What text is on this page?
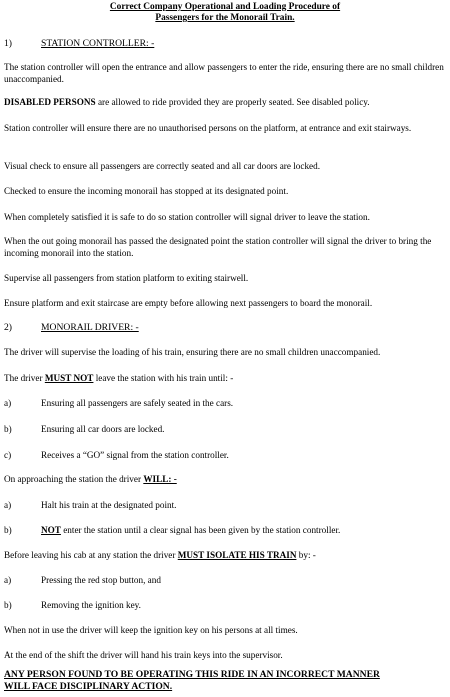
Correct Company Operational and Loading Procedure of
Passengers for the Monorail Train.
1)	STATION CONTROLLER: -
The station controller will open the entrance and allow passengers to enter the ride, ensuring there are no small children unaccompanied.
DISABLED PERSONS are allowed to ride provided they are properly seated. See disabled policy.
Station controller will ensure there are no unauthorised persons on the platform, at entrance and exit stairways.
Visual check to ensure all passengers are correctly seated and all car doors are locked.
Checked to ensure the incoming monorail has stopped at its designated point.
When completely satisfied it is safe to do so station controller will signal driver to leave the station.
When the out going monorail has passed the designated point the station controller will signal the driver to bring the incoming monorail into the station.
Supervise all passengers from station platform to exiting stairwell.
Ensure platform and exit staircase are empty before allowing next passengers to board the monorail.
2)	MONORAIL DRIVER: -
The driver will supervise the loading of his train, ensuring there are no small children unaccompanied.
The driver MUST NOT leave the station with his train until: -
a)	Ensuring all passengers are safely seated in the cars.
b)	Ensuring all car doors are locked.
c)	Receives a “GO” signal from the station controller.
On approaching the station the driver WILL: -
a)	Halt his train at the designated point.
b)	NOT enter the station until a clear signal has been given by the station controller.
Before leaving his cab at any station the driver MUST ISOLATE HIS TRAIN by: -
a)	Pressing the red stop button, and
b)	Removing the ignition key.
When not in use the driver will keep the ignition key on his persons at all times.
At the end of the shift the driver will hand his train keys into the supervisor.
ANY PERSON FOUND TO BE OPERATING THIS RIDE IN AN INCORRECT MANNER
WILL FACE DISCIPLINARY ACTION.
